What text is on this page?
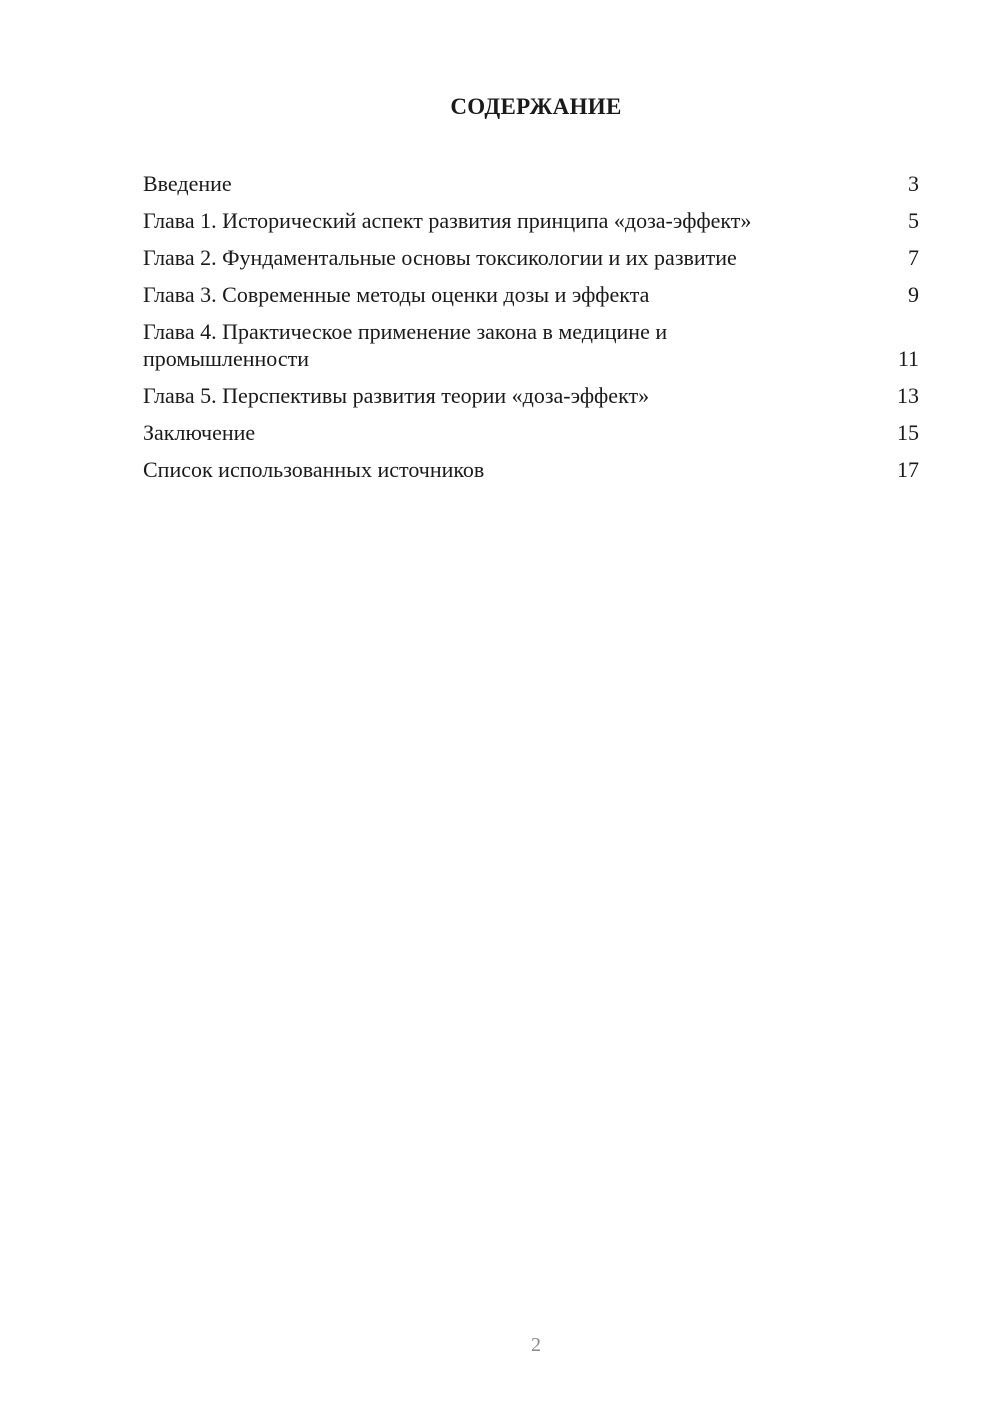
СОДЕРЖАНИЕ
Введение	3
Глава 1. Исторический аспект развития принципа «доза-эффект»	5
Глава 2. Фундаментальные основы токсикологии и их развитие	7
Глава 3. Современные методы оценки дозы и эффекта	9
Глава 4. Практическое применение закона в медицине и промышленности	11
Глава 5. Перспективы развития теории «доза-эффект»	13
Заключение	15
Список использованных источников	17
2
